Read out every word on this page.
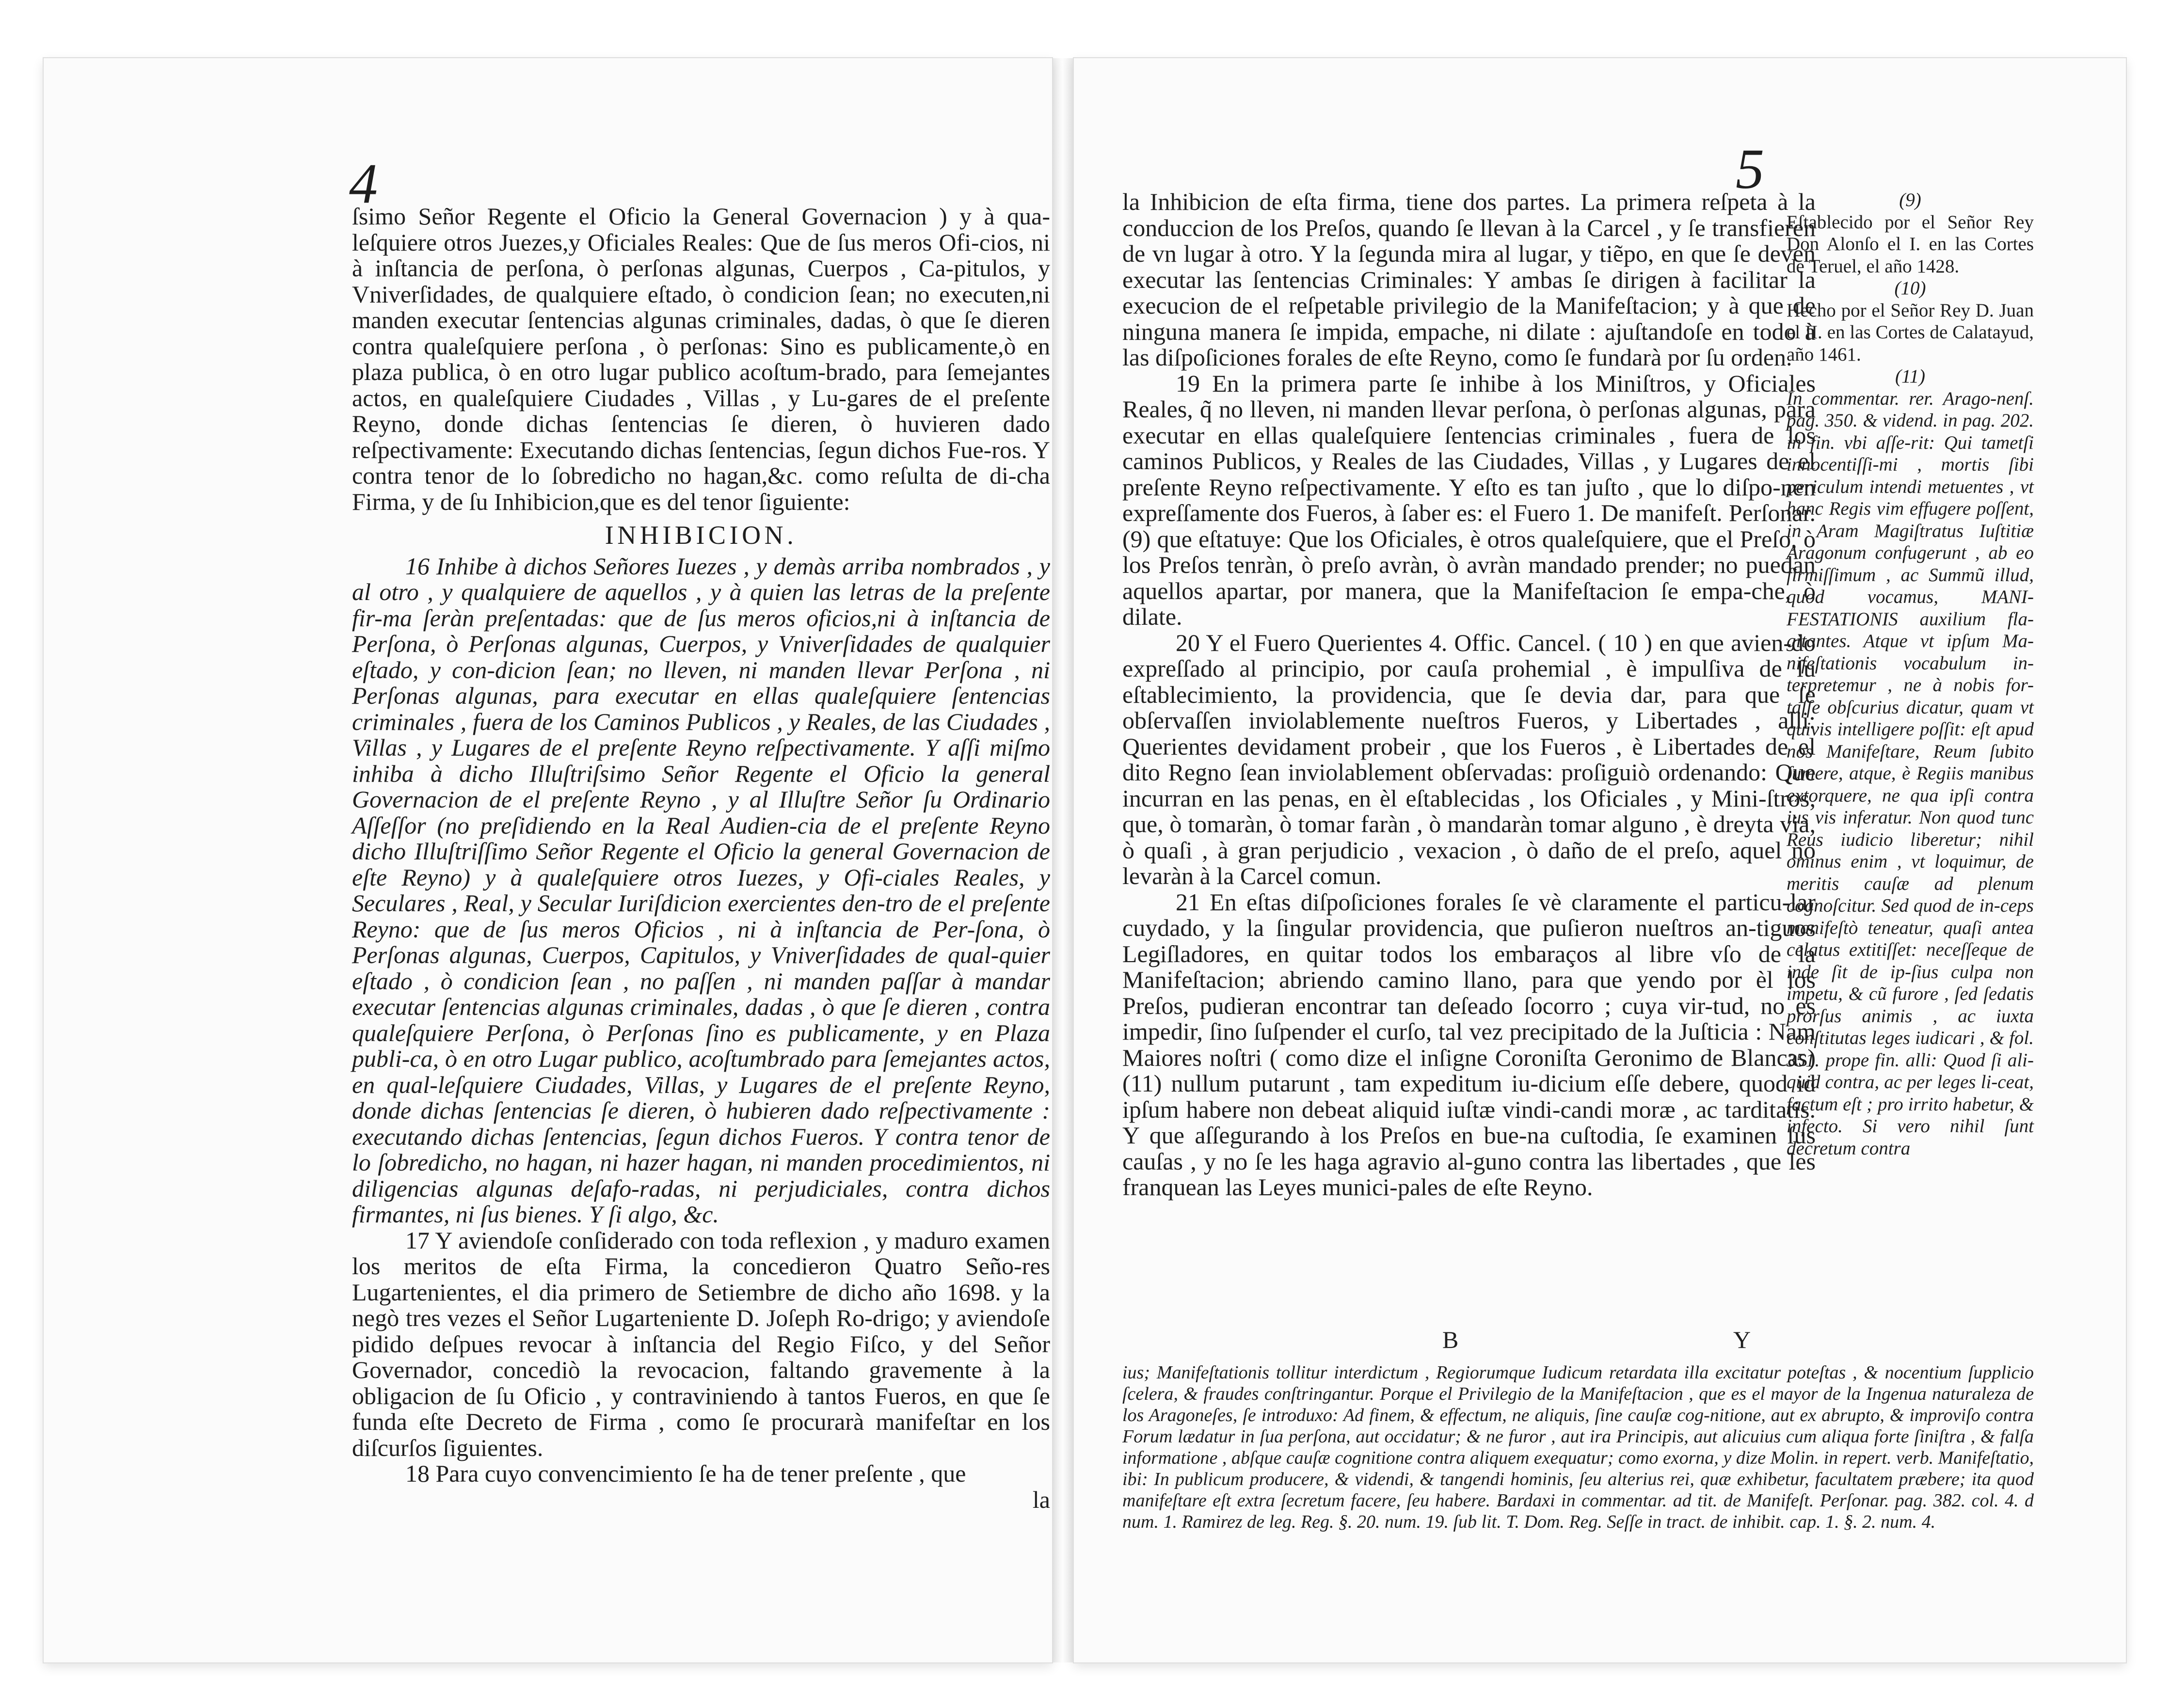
4

ſsimo Señor Regente el Oficio la General Governacion ) y à qua-leſquiere otros Juezes,y Oficiales Reales: Que de ſus meros Ofi-cios, ni à inſtancia de perſona, ò perſonas algunas, Cuerpos , Ca-pitulos, y Vniverſidades, de qualquiere eſtado, ò condicion ſean; no executen,ni manden executar ſentencias algunas criminales, dadas, ò que ſe dieren contra qualeſquiere perſona , ò perſonas: Sino es publicamente,ò en plaza publica, ò en otro lugar publico acoſtum-brado, para ſemejantes actos, en qualeſquiere Ciudades , Villas , y Lu-gares de el preſente Reyno, donde dichas ſentencias ſe dieren, ò huvieren dado reſpectivamente: Executando dichas ſentencias, ſegun dichos Fue-ros. Y contra tenor de lo ſobredicho no hagan,&c. como reſulta de di-cha Firma, y de ſu Inhibicion,que es del tenor ſiguiente:

INHIBICION.

16 Inhibe à dichos Señores Iuezes , y demàs arriba nombrados , y al otro , y qualquiere de aquellos , y à quien las letras de la preſente fir-ma ſeràn preſentadas: que de ſus meros oficios,ni à inſtancia de Perſona, ò Perſonas algunas, Cuerpos, y Vniverſidades de qualquier eſtado, y con-dicion ſean; no lleven, ni manden llevar Perſona , ni Perſonas algunas, para executar en ellas qualeſquiere ſentencias criminales , fuera de los Caminos Publicos , y Reales, de las Ciudades , Villas , y Lugares de el preſente Reyno reſpectivamente. Y aſſi miſmo inhiba à dicho Illuſtriſsimo Señor Regente el Oficio la general Governacion de el preſente Reyno , y al Illuſtre Señor ſu Ordinario Aſſeſſor (no preſidiendo en la Real Audien-cia de el preſente Reyno dicho Illuſtriſſimo Señor Regente el Oficio la general Governacion de eſte Reyno) y à qualeſquiere otros Iuezes, y Ofi-ciales Reales, y Seculares , Real, y Secular Iuriſdicion exercientes den-tro de el preſente Reyno: que de ſus meros Oficios , ni à inſtancia de Per-ſona, ò Perſonas algunas, Cuerpos, Capitulos, y Vniverſidades de qual-quier eſtado , ò condicion ſean , no paſſen , ni manden paſſar à mandar executar ſentencias algunas criminales, dadas , ò que ſe dieren , contra qualeſquiere Perſona, ò Perſonas ſino es publicamente, y en Plaza publi-ca, ò en otro Lugar publico, acoſtumbrado para ſemejantes actos, en qual-leſquiere Ciudades, Villas, y Lugares de el preſente Reyno, donde dichas ſentencias ſe dieren, ò hubieren dado reſpectivamente : executando dichas ſentencias, ſegun dichos Fueros. Y contra tenor de lo ſobredicho, no hagan, ni hazer hagan, ni manden procedimientos, ni diligencias algunas deſafo-radas, ni perjudiciales, contra dichos firmantes, ni ſus bienes. Y ſi algo, &c.

17 Y aviendoſe conſiderado con toda reflexion , y maduro examen los meritos de eſta Firma, la concedieron Quatro Seño-res Lugartenientes, el dia primero de Setiembre de dicho año 1698. y la negò tres vezes el Señor Lugarteniente D. Joſeph Ro-drigo; y aviendoſe pidido deſpues revocar à inſtancia del Regio Fiſco, y del Señor Governador, concediò la revocacion, faltando gravemente à la obligacion de ſu Oficio , y contraviniendo à tantos Fueros, en que ſe funda eſte Decreto de Firma , como ſe procurarà manifeſtar en los diſcurſos ſiguientes.

18 Para cuyo convencimiento ſe ha de tener preſente , que

la

5

la Inhibicion de eſta firma, tiene dos partes. La primera reſpeta à la conduccion de los Preſos, quando ſe llevan à la Carcel , y ſe transfieren de vn lugar à otro. Y la ſegunda mira al lugar, y tiẽpo, en que ſe deven executar las ſentencias Criminales: Y ambas ſe dirigen à facilitar la execucion de el reſpetable privilegio de la Manifeſtacion; y à que de ninguna manera ſe impida, empache, ni dilate : ajuſtandoſe en todo à las diſpoſiciones forales de eſte Reyno, como ſe fundarà por ſu orden.

19 En la primera parte ſe inhibe à los Miniſtros, y Oficiales Reales, q̃ no lleven, ni manden llevar perſona, ò perſonas algunas, para executar en ellas qualeſquiere ſentencias criminales , fuera de los caminos Publicos, y Reales de las Ciudades, Villas , y Lugares de el preſente Reyno reſpectivamente. Y eſto es tan juſto , que lo diſpo-nen expreſſamente dos Fueros, à ſaber es: el Fuero 1. De manifeſt. Perſonar. (9) que eſtatuye: Que los Oficiales, è otros qualeſquiere, que el Preſo, ò los Preſos tenràn, ò preſo avràn, ò avràn mandado prender; no puedan aquellos apartar, por manera, que la Manifeſtacion ſe empa-che, ò dilate.

20 Y el Fuero Querientes 4. Offic. Cancel. ( 10 ) en que avien-do expreſſado al principio, por cauſa prohemial , è impulſiva de ſu eſtablecimiento, la providencia, que ſe devia dar, para que ſe obſervaſſen inviolablemente nueſtros Fueros, y Libertades , alli: Querientes devidament probeir , que los Fueros , è Libertades de el dito Regno ſean inviolablement obſervadas: proſiguiò ordenando: Que incurran en las penas, en èl eſtablecidas , los Oficiales , y Mini-ſtros, que, ò tomaràn, ò tomar faràn , ò mandaràn tomar alguno , è dreyta via, ò quaſi , à gran perjudicio , vexacion , ò daño de el preſo, aquel no levaràn à la Carcel comun.

21 En eſtas diſpoſiciones forales ſe vè claramente el particu-lar cuydado, y la ſingular providencia, que puſieron nueſtros an-tiguos Legiſladores, en quitar todos los embaraços al libre vſo de la Manifeſtacion; abriendo camino llano, para que yendo por èl los Preſos, pudieran encontrar tan deſeado ſocorro ; cuya vir-tud, no es impedir, ſino ſuſpender el curſo, tal vez precipitado de la Juſticia : Nam Maiores noſtri ( como dize el inſigne Coroniſta Geronimo de Blancas) (11) nullum putarunt , tam expeditum iu-dicium eſſe debere, quod id ipſum habere non debeat aliquid iuſtæ vindi-candi moræ , ac tarditatis. Y que aſſegurando à los Preſos en bue-na cuſtodia, ſe examinen ſus cauſas , y no ſe les haga agravio al-guno contra las libertades , que les franquean las Leyes munici-pales de eſte Reyno.

(9)

Eſtablecido por el Señor Rey Don Alonſo el I. en las Cortes de Teruel, el año 1428.

(10)

Hecho por el Señor Rey D. Juan el II. en las Cortes de Calatayud, año 1461.

(11)

In commentar. rer. Arago-nenſ. pag. 350. & vidend. in pag. 202. in fin. vbi aſſe-rit: Qui tametſi innocentiſſi-mi , mortis ſibi periculum intendi metuentes , vt hanc Regis vim effugere poſſent, in Aram Magiſtratus Iuſtitiæ Aragonum confugerunt , ab eo firmiſſimum , ac Summũ illud, quod vocamus, MANI-FESTATIONIS auxilium fla-gitantes. Atque vt ipſum Ma-nifeſtationis vocabulum in-terpretemur , ne à nobis for-taſſe obſcurius dicatur, quam vt quivis intelligere poſſit: eſt apud nos Manifeſtare, Reum ſubito ſumere, atque, è Regiis manibus extorquere, ne qua ipſi contra ius vis inferatur. Non quod tunc Reus iudicio liberetur; nihil ominus enim , vt loquimur, de meritis cauſæ ad plenum cognoſcitur. Sed quod de in-ceps manifeſtò teneatur, quaſi antea celatus extitiſſet: neceſſeque de inde ſit de ip-ſius culpa non impetu, & cũ furore , ſed ſedatis prorſus animis , ac iuxta conſtitutas leges iudicari , & fol. 351. prope fin. alli: Quod ſi ali-quid contra, ac per leges li-ceat, factum eſt ; pro irrito habetur, & infecto. Si vero nihil ſunt decretum contra

B	Y
ius; Manifeſtationis tollitur interdictum , Regiorumque Iudicum retardata illa excitatur poteſtas , & nocentium ſupplicio ſcelera, & fraudes conſtringantur. Porque el Privilegio de la Manifeſtacion , que es el mayor de la Ingenua naturaleza de los Aragoneſes, ſe introduxo: Ad finem, & effectum, ne aliquis, ſine cauſæ cog-nitione, aut ex abrupto, & improviſo contra Forum lædatur in ſua perſona, aut occidatur; & ne furor , aut ira Principis, aut alicuius cum aliqua forte ſiniſtra , & falſa informatione , abſque cauſæ cognitione contra aliquem exequatur; como exorna, y dize Molin. in repert. verb. Manifeſtatio, ibi: In publicum producere, & videndi, & tangendi hominis, ſeu alterius rei, quæ exhibetur, facultatem præbere; ita quod manifeſtare eſt extra ſecretum facere, ſeu habere. Bardaxi in commentar. ad tit. de Manifeſt. Perſonar. pag. 382. col. 4. d num. 1. Ramirez de leg. Reg. §. 20. num. 19. ſub lit. T. Dom. Reg. Seſſe in tract. de inhibit. cap. 1. §. 2. num. 4.
